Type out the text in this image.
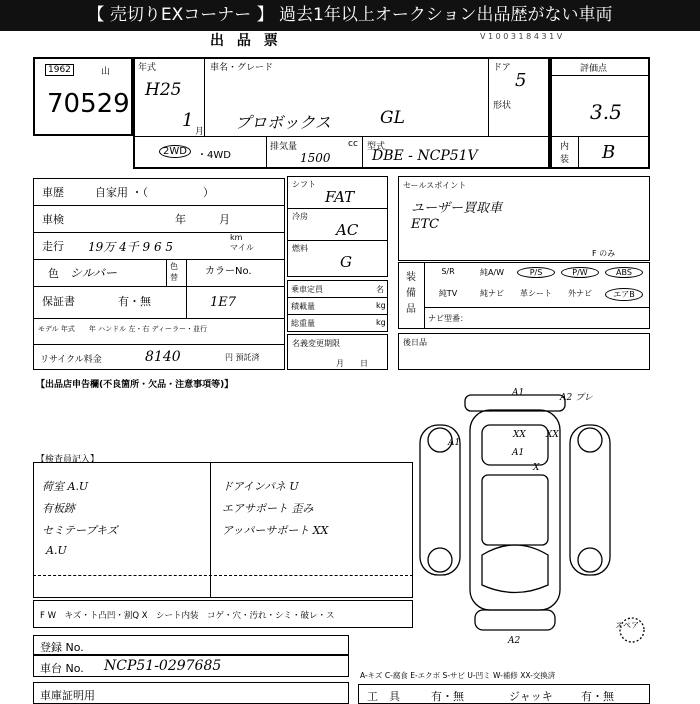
【 売切りEXコーナー 】 過去1年以上オークション出品歴がない車両
出 品 票	V 1 0 0 3 1 8 4 3 1 V
1962	山
70529
年式
H25
1
月
車名・グレード
プロボックス	GL
ドア
5
形状
2WD	・4WD
排気量	cc
1500
型式
DBE - NCP51V
評価点
3.5
内装 B
車歴	自家用 ・（　　　　　）
車検	年　　　月
走行 19万 4千 9 6 5
km
マイル
色 シルバー	色替
カラーNo.
1E7
保証書	有・無
モデル 年式　　年 ハンドル 左・右 ディーラー・並行
リサイクル料金	8140	円 預託済
シフト
FAT
冷房
AC
燃料
G
乗車定員	名
積載量	kg
総重量	kg
名義変更期限
月　　日
セールスポイント
ユーザー買取車
ETC
装備品
F のみ
S/R	純A/W	P/S	P/W	ABS
純TV	純ナビ	革シート	外ナビ	エアB
ナビ型番：
後日品
【出品店申告欄(不良箇所・欠品・注意事項等)】
【検査員記入】
荷室 A.U
有板跡
セミテープキズ
A.U
ドアインパネ U
エアサポート 歪み
アッパーサポート XX
A1	A2 プレ
A1
XX XX
A1
X
A2
スペア
F W　キズ・ト凸凹・割Q X　シート内装　コゲ・穴・汚れ・シミ・破レ・ス
登録 No.
車台 No. NCP51-0297685
A-キズ C-腐食 E-エクボ S-サビ U-凹ミ W-補修 XX-交換済
車庫証明用	工　具	有・無	ジャッキ	有・無
